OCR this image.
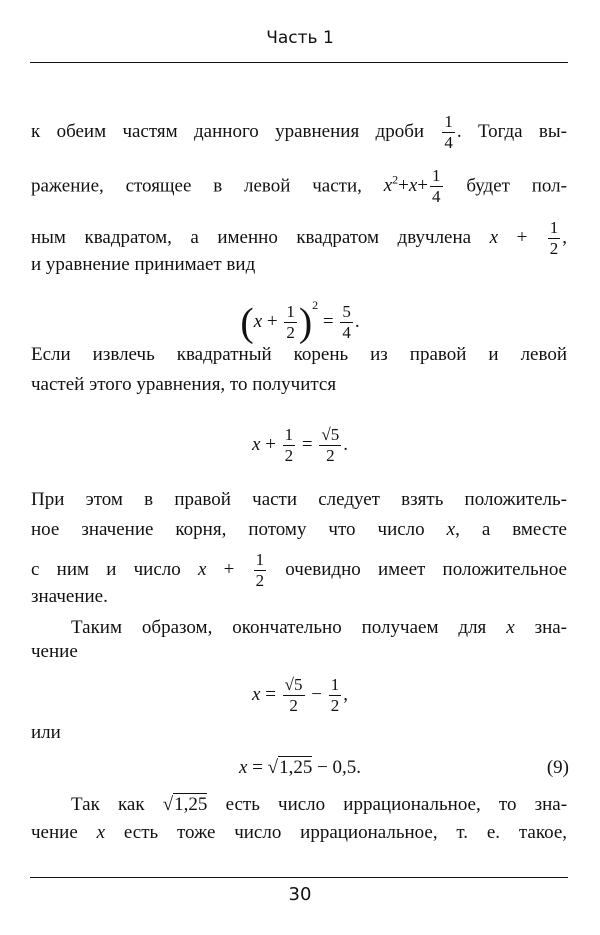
Часть 1
к обеим частям данного уравнения дроби $\frac{1}{4}$ . Тогда вы-
ражение, стоящее в левой части, $x^2+x+ \frac{1}{4}$ будет пол-
ным квадратом, а именно квадратом двучлена $x + \frac{1}{2}$ ,
и уравнение принимает вид
$(x + \frac{1}{2} )^2 = \frac{5}{4}$ .
Если извлечь квадратный корень из правой и левой
частей этого уравнения, то получится
$x + \frac{1}{2} = \frac{√5}{2}$ .
При этом в правой части следует взять положитель-
ное значение корня, потому что число x, а вместе
с ним и число $x + \frac{1}{2}$ очевидно имеет положительное
значение.
Таким образом, окончательно получаем для x зна-
чение
$x = \frac{√5}{2} - \frac{1}{2}$ ,
или
x = √1,25 − 0,5.	(9)
Так как √1,25 есть число иррациональное, то зна-
чение x есть тоже число иррациональное, т. е. такое,
30
